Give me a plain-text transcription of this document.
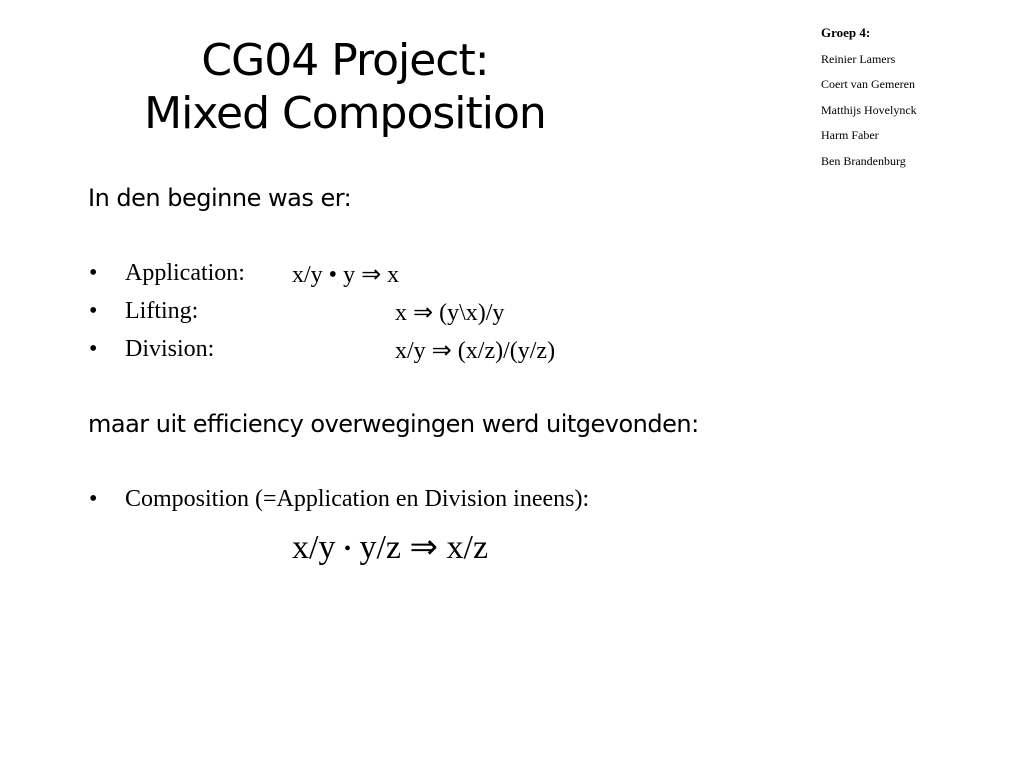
CG04 Project:
Mixed Composition
Groep 4:
Reinier Lamers
Coert van Gemeren
Matthijs Hovelynck
Harm Faber
Ben Brandenburg
In den beginne was er:
• Application: x/y • y ⇒ x
• Lifting:	x ⇒ (y\x)/y
• Division:	x/y ⇒ (x/z)/(y/z)
maar uit efficiency overwegingen werd uitgevonden:
• Composition (=Application en Division ineens):
x/y • y/z ⇒ x/z
